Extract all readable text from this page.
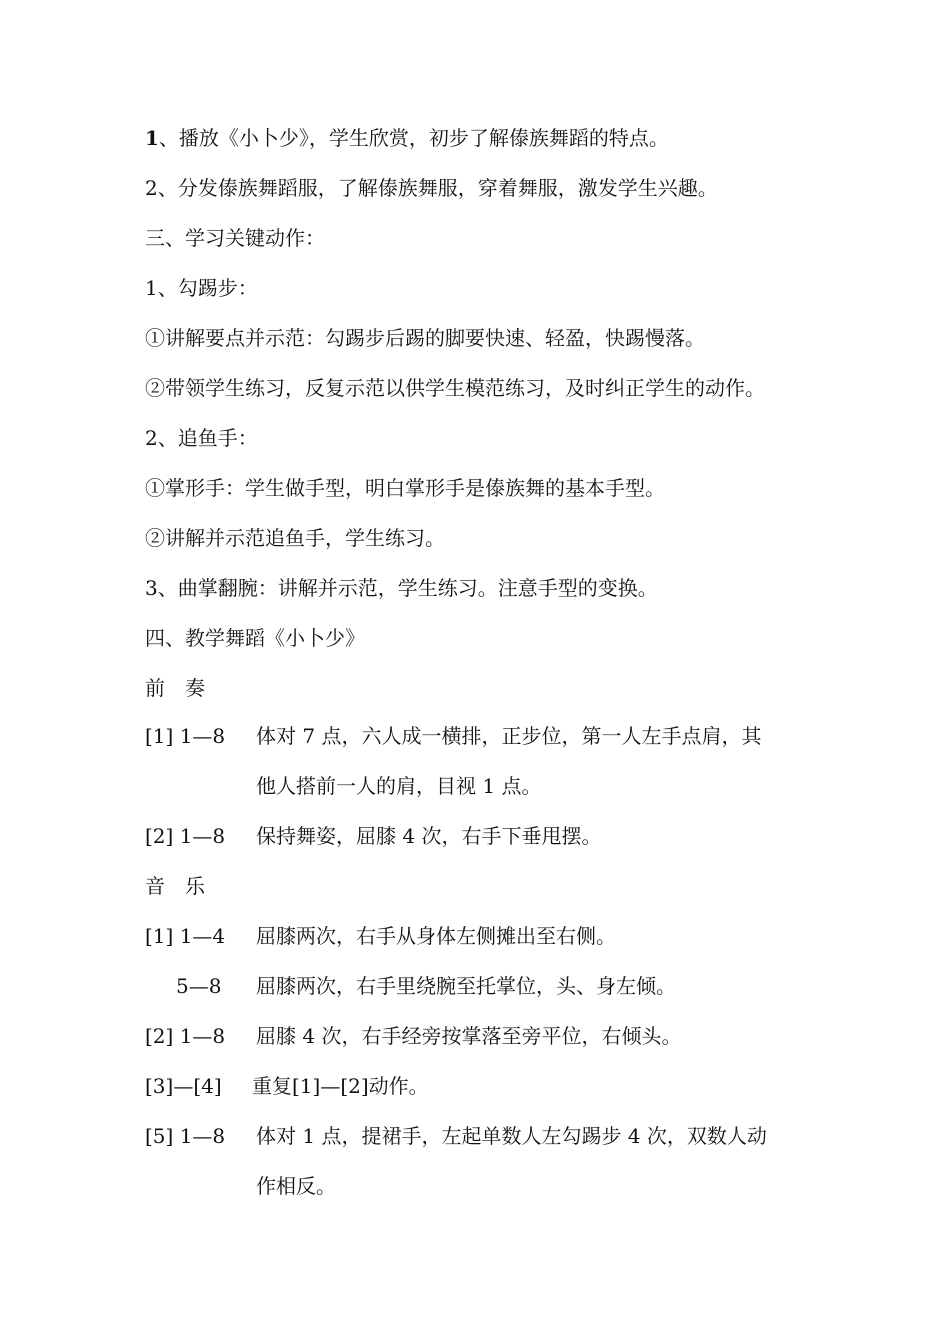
1、播放《小卜少》，学生欣赏，初步了解傣族舞蹈的特点。
2、分发傣族舞蹈服，了解傣族舞服，穿着舞服，激发学生兴趣。
三、学习关键动作：
1、勾踢步：
①讲解要点并示范：勾踢步后踢的脚要快速、轻盈，快踢慢落。
②带领学生练习，反复示范以供学生模范练习，及时纠正学生的动作。
2、追鱼手：
①掌形手：学生做手型，明白掌形手是傣族舞的基本手型。
②讲解并示范追鱼手，学生练习。
3、曲掌翻腕：讲解并示范，学生练习。注意手型的变换。
四、教学舞蹈《小卜少》
前　奏
[1] 1—8 体对 7 点，六人成一横排，正步位，第一人左手点肩，其
他人搭前一人的肩，目视 1 点。
[2] 1—8 保持舞姿，屈膝 4 次，右手下垂甩摆。
音　乐
[1] 1—4 屈膝两次，右手从身体左侧摊出至右侧。
5—8 屈膝两次，右手里绕腕至托掌位，头、身左倾。
[2] 1—8 屈膝 4 次，右手经旁按掌落至旁平位，右倾头。
[3]—[4] 重复[1]—[2]动作。
[5] 1—8 体对 1 点，提裙手，左起单数人左勾踢步 4 次，双数人动
作相反。
